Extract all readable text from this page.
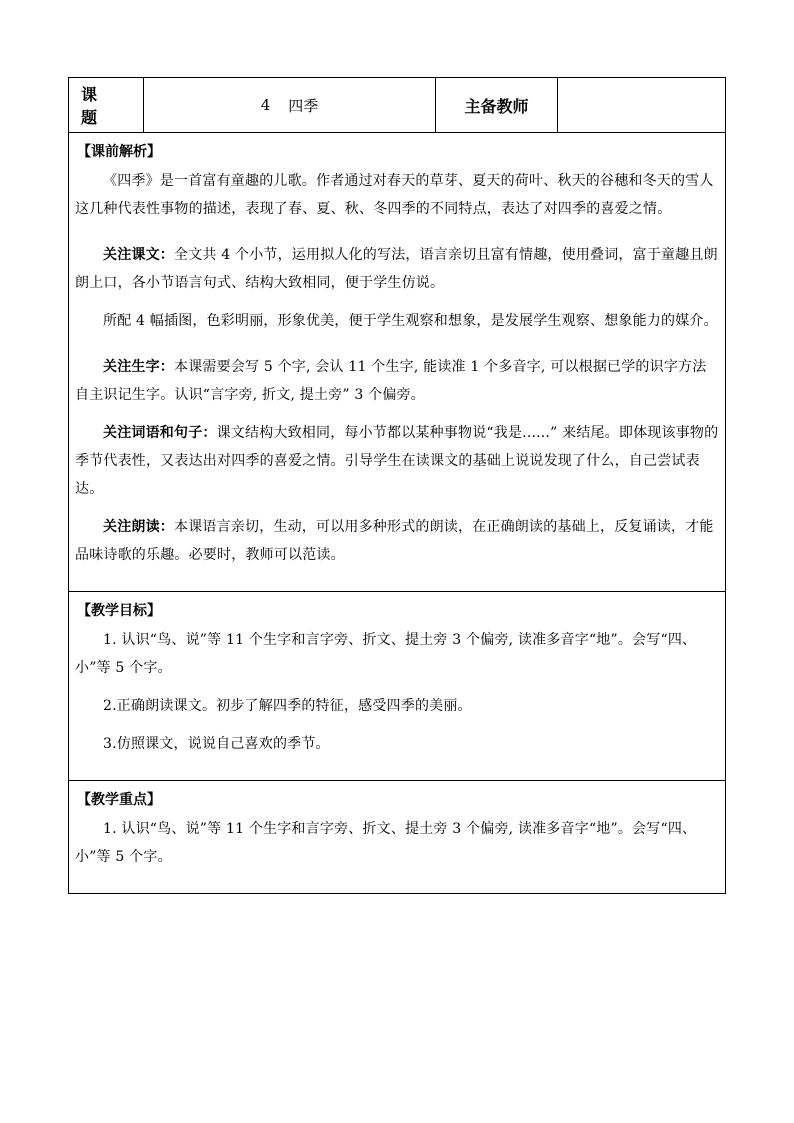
课 题
4 四季	主备教师
【课前解析】

《四季》是一首富有童趣的儿歌。作者通过对春天的草芽、夏天的荷叶、秋天的谷穗和冬天的雪人这几种代表性事物的描述，表现了春、夏、秋、冬四季的不同特点，表达了对四季的喜爱之情。

关注课文：全文共 4 个小节，运用拟人化的写法，语言亲切且富有情趣，使用叠词，富于童趣且朗朗上口，各小节语言句式、结构大致相同，便于学生仿说。

所配 4 幅插图，色彩明丽，形象优美，便于学生观察和想象，是发展学生观察、想象能力的媒介。

关注生字：本课需要会写 5 个字, 会认 11 个生字, 能读准 1 个多音字, 可以根据已学的识字方法自主识记生字。认识“言字旁, 折文, 提土旁” 3 个偏旁。

关注词语和句子：课文结构大致相同，每小节都以某种事物说“我是......” 来结尾。即体现该事物的季节代表性，又表达出对四季的喜爱之情。引导学生在读课文的基础上说说发现了什么，自己尝试表达。

关注朗读：本课语言亲切，生动，可以用多种形式的朗读，在正确朗读的基础上，反复诵读，才能品味诗歌的乐趣。必要时，教师可以范读。

【教学目标】

1. 认识“鸟、说”等 11 个生字和言字旁、折文、提土旁 3 个偏旁, 读准多音字“地”。会写“四、小”等 5 个字。

2.正确朗读课文。初步了解四季的特征，感受四季的美丽。

3.仿照课文，说说自己喜欢的季节。

【教学重点】

1. 认识“鸟、说”等 11 个生字和言字旁、折文、提土旁 3 个偏旁, 读准多音字“地”。会写“四、小”等 5 个字。
